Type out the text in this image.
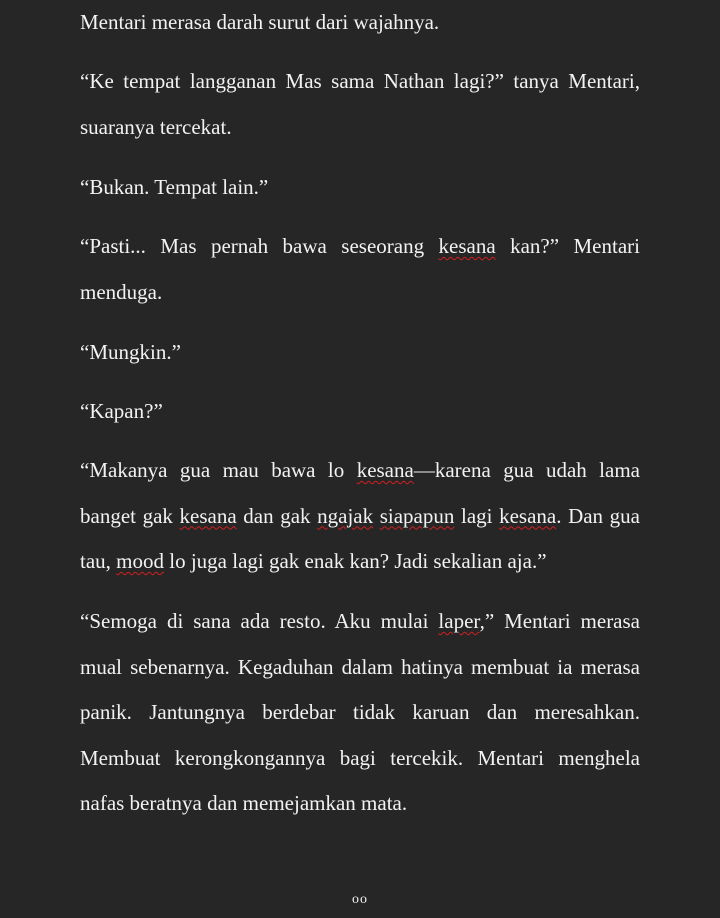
Mentari merasa darah surut dari wajahnya.

“Ke tempat langganan Mas sama Nathan lagi?” tanya Mentari, suaranya tercekat.

“Bukan. Tempat lain.”

“Pasti... Mas pernah bawa seseorang kesana kan?” Mentari menduga.

“Mungkin.”

“Kapan?”

“Makanya gua mau bawa lo kesana—karena gua udah lama banget gak kesana dan gak ngajak siapapun lagi kesana. Dan gua tau, mood lo juga lagi gak enak kan? Jadi sekalian aja.”

“Semoga di sana ada resto. Aku mulai laper,” Mentari merasa mual sebenarnya. Kegaduhan dalam hatinya membuat ia merasa panik. Jantungnya berdebar tidak karuan dan meresahkan. Membuat kerongkongannya bagi tercekik. Mentari menghela nafas beratnya dan memejamkan mata.

oo
